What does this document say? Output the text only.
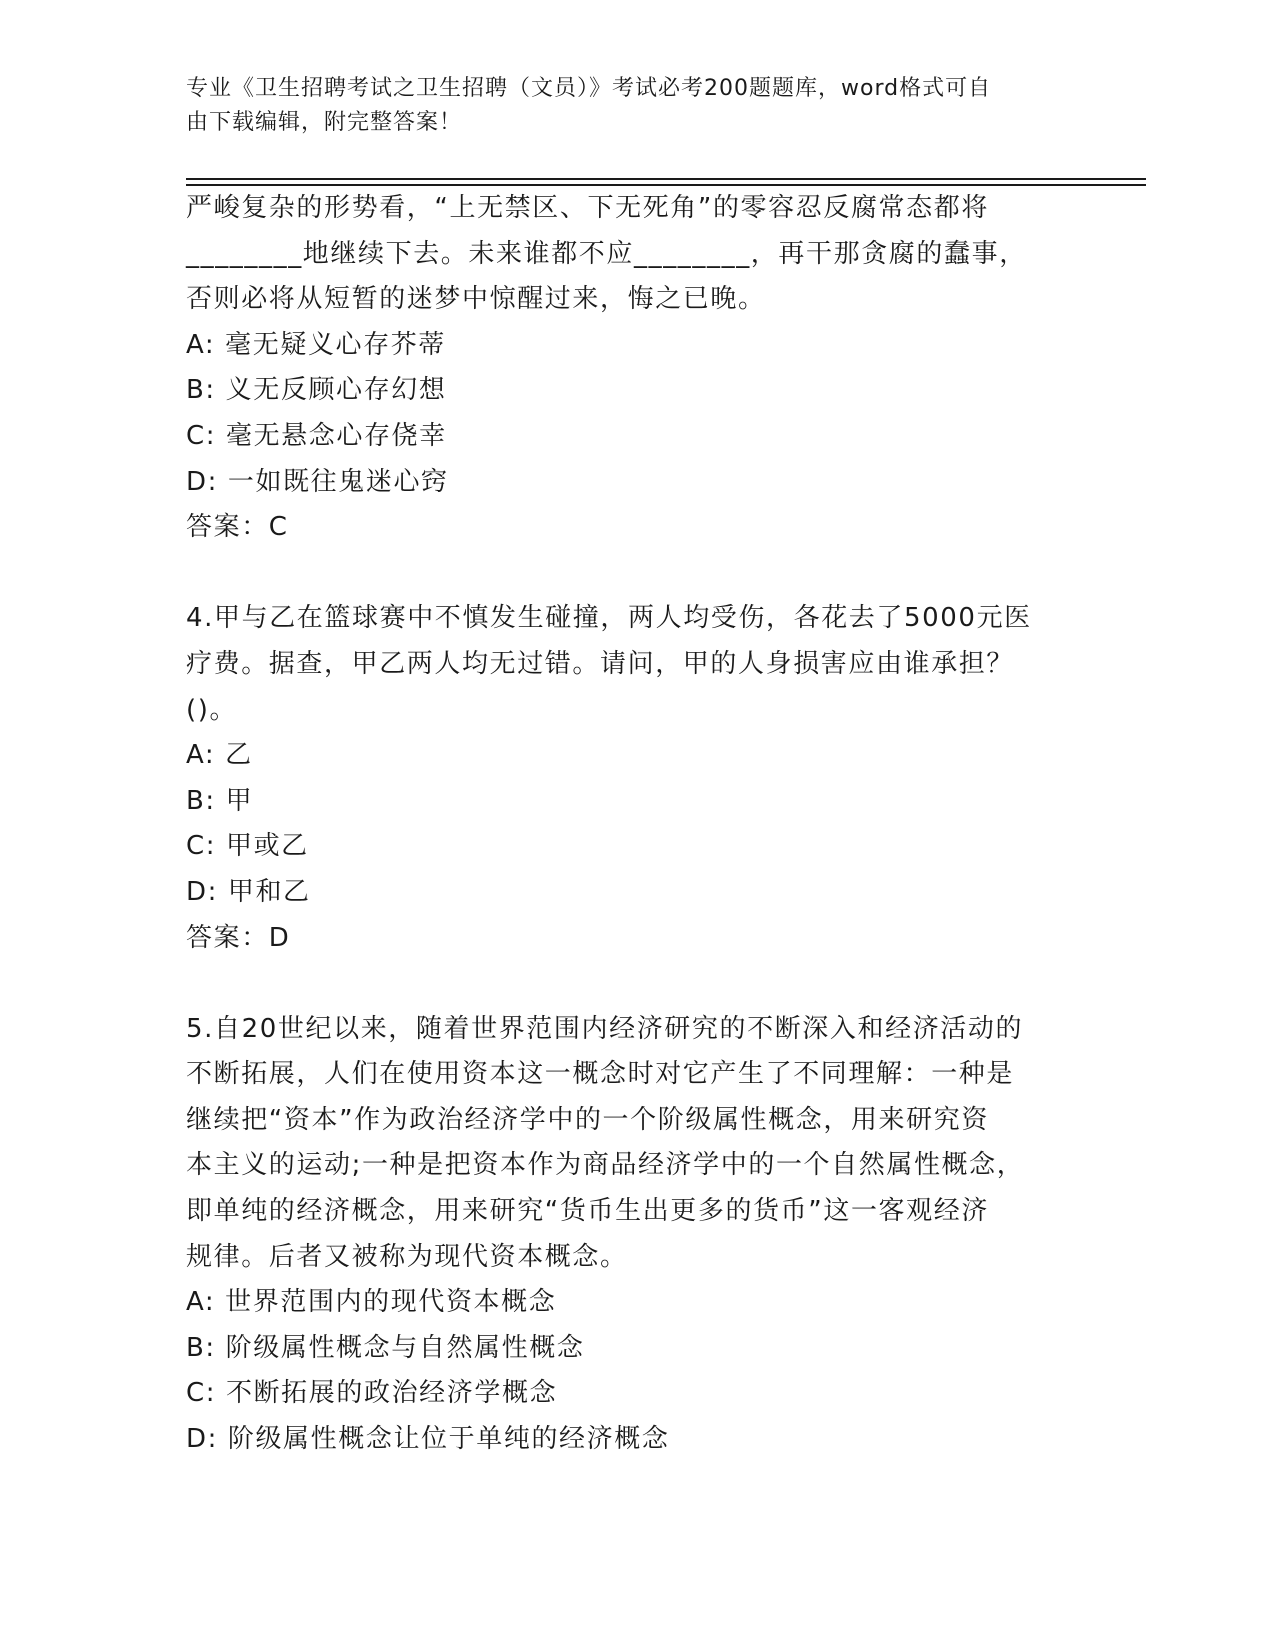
专业《卫生招聘考试之卫生招聘（文员）》考试必考200题题库，word格式可自
由下载编辑，附完整答案！

严峻复杂的形势看，“上无禁区、下无死角”的零容忍反腐常态都将

________地继续下去。未来谁都不应________，再干那贪腐的蠢事，

否则必将从短暂的迷梦中惊醒过来，悔之已晚。

A: 毫无疑义心存芥蒂

B: 义无反顾心存幻想

C: 毫无悬念心存侥幸

D: 一如既往鬼迷心窍

答案：C

4.甲与乙在篮球赛中不慎发生碰撞，两人均受伤，各花去了5000元医

疗费。据查，甲乙两人均无过错。请问，甲的人身损害应由谁承担？

()。

A: 乙

B: 甲

C: 甲或乙

D: 甲和乙

答案：D

5.自20世纪以来，随着世界范围内经济研究的不断深入和经济活动的

不断拓展，人们在使用资本这一概念时对它产生了不同理解：一种是

继续把“资本”作为政治经济学中的一个阶级属性概念，用来研究资

本主义的运动;一种是把资本作为商品经济学中的一个自然属性概念，

即单纯的经济概念，用来研究“货币生出更多的货币”这一客观经济

规律。后者又被称为现代资本概念。

A: 世界范围内的现代资本概念

B: 阶级属性概念与自然属性概念

C: 不断拓展的政治经济学概念

D: 阶级属性概念让位于单纯的经济概念
